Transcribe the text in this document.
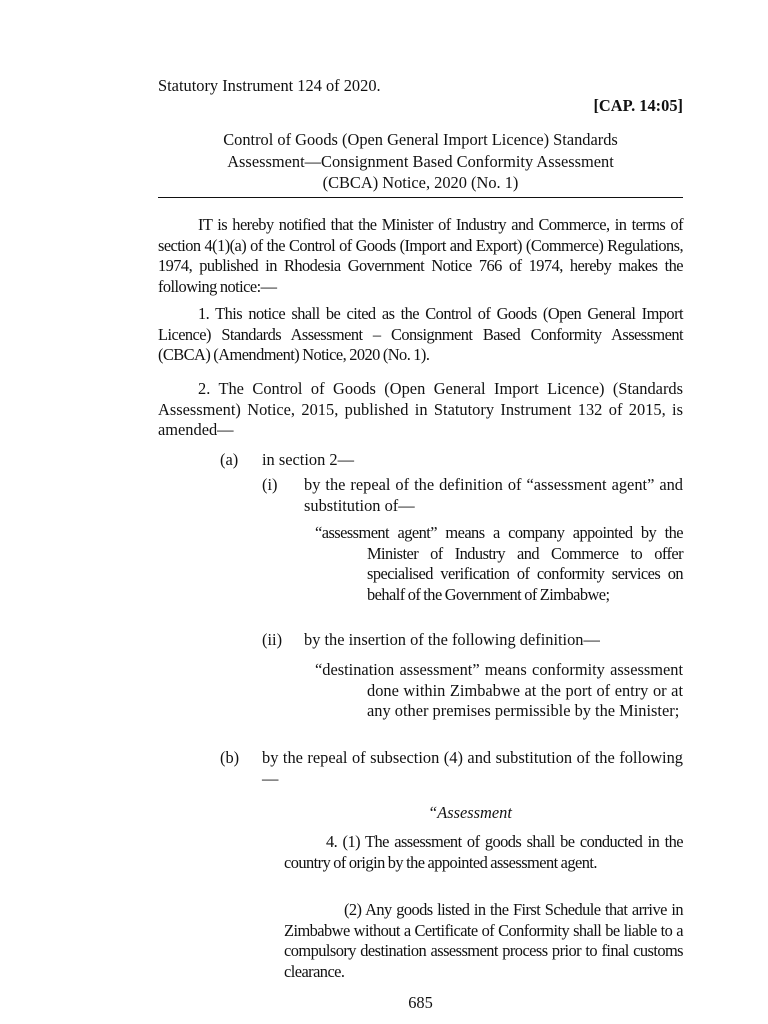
Statutory Instrument 124 of 2020.
[CAP. 14:05]
Control of Goods (Open General Import Licence) Standards
Assessment—Consignment Based Conformity Assessment
(CBCA) Notice, 2020 (No. 1)
IT is hereby notified that the Minister of Industry and Commerce, in terms of section 4(1)(a) of the Control of Goods (Import and Export) (Commerce) Regulations, 1974, published in Rhodesia Government Notice 766 of 1974, hereby makes the following notice:—
1. This notice shall be cited as the Control of Goods (Open General Import Licence) Standards Assessment – Consignment Based Conformity Assessment (CBCA) (Amendment) Notice, 2020 (No. 1).
2. The Control of Goods (Open General Import Licence) (Standards Assessment) Notice, 2015, published in Statutory Instrument 132 of 2015, is amended—
(a) in section 2—
(i) by the repeal of the definition of “assessment agent” and substitution of—
“assessment agent” means a company appointed by the Minister of Industry and Commerce to offer specialised verification of conformity services on behalf of the Government of Zimbabwe;
(ii) by the insertion of the following definition—
“destination assessment” means conformity assessment done within Zimbabwe at the port of entry or at any other premises permissible by the Minister;
(b) by the repeal of subsection (4) and substitution of the following—
“Assessment
4. (1) The assessment of goods shall be conducted in the country of origin by the appointed assessment agent.
(2) Any goods listed in the First Schedule that arrive in Zimbabwe without a Certificate of Conformity shall be liable to a compulsory destination assessment process prior to final customs clearance.
685
